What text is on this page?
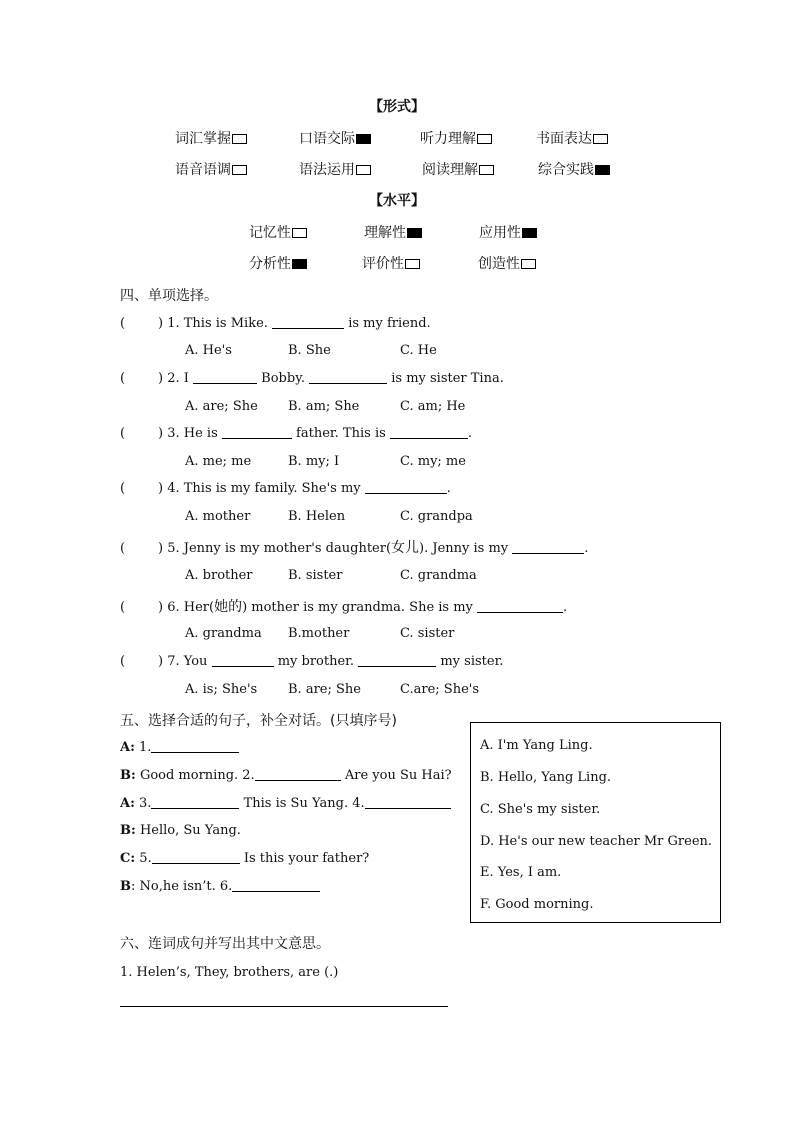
【形式】
词汇掌握	口语交际	听力理解	书面表达
语音语调	语法运用	阅读理解	综合实践
【水平】
记忆性	理解性	应用性
分析性	评价性	创造性
四、单项选择。
(	) 1. This is Mike.	is my friend.
A. He's	B. She	C. He
(	) 2. I	Bobby.	is my sister Tina.
A. are; She B. am; She	C. am; He
(	) 3. He is	father. This is	.
A. me; me	B. my; I	C. my; me
(	) 4. This is my family. She's my	.
A. mother	B. Helen	C. grandpa
(	) 5. Jenny is my mother's daughter(女儿). Jenny is my	.
A. brother	B. sister	C. grandma
(	) 6. Her(她的) mother is my grandma. She is my	.
A. grandma B.mother	C. sister
(	) 7. You	my brother.	my sister.
A. is; She's B. are; She	C.are; She's
五、选择合适的句子，补全对话。(只填序号)
A: 1.
B: Good morning. 2.	Are you Su Hai?
A: 3.	This is Su Yang. 4.
B: Hello, Su Yang.
C: 5.	Is this your father?
B: No,he isn’t. 6.
A. I'm Yang Ling.
B. Hello, Yang Ling.
C. She's my sister.
D. He's our new teacher Mr Green.
E. Yes, I am.
F. Good morning.
六、连词成句并写出其中文意思。
1. Helen’s, They, brothers, are (.)
